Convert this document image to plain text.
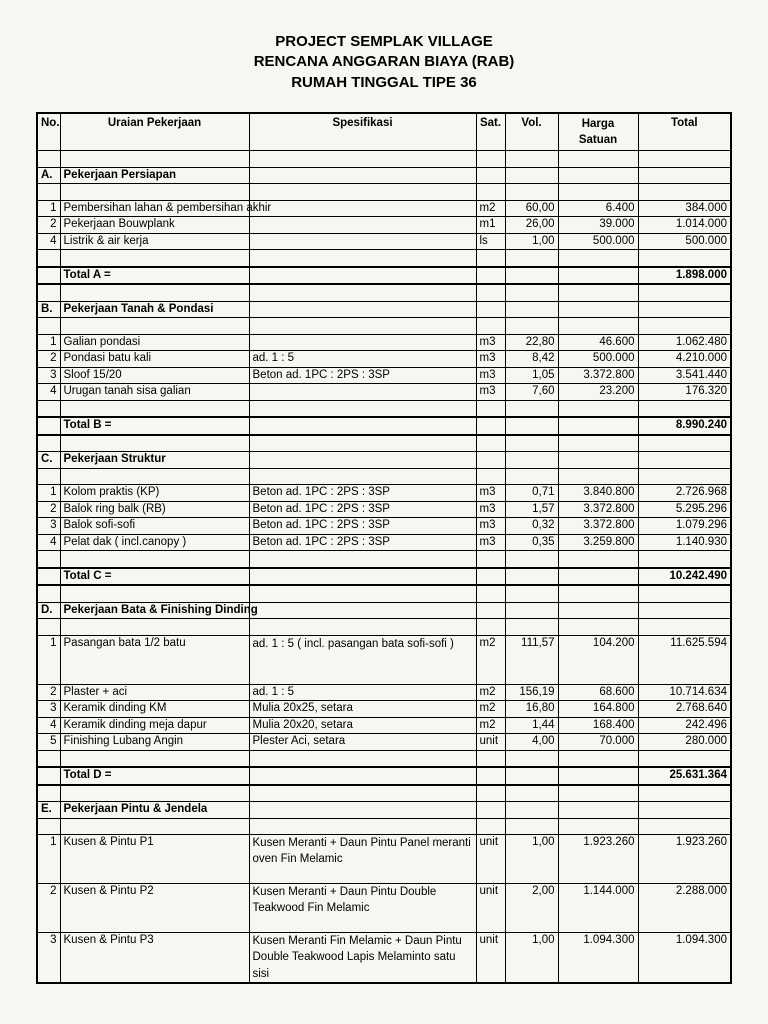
PROJECT SEMPLAK VILLAGE
RENCANA ANGGARAN BIAYA (RAB)
RUMAH TINGGAL TIPE 36
No.	Uraian Pekerjaan	Spesifikasi	Sat.	Vol.	Harga Satuan	Total

A.	Pekerjaan Persiapan					

1	Pembersihan lahan & pembersihan akhir		m2	60,00	6.400	384.000
2	Pekerjaan Bouwplank		m1	26,00	39.000	1.014.000
4	Listrik & air kerja		ls	1,00	500.000	500.000

	Total A =					1.898.000

B.	Pekerjaan Tanah & Pondasi					

1	Galian pondasi		m3	22,80	46.600	1.062.480
2	Pondasi batu kali	ad. 1 : 5	m3	8,42	500.000	4.210.000
3	Sloof 15/20	Beton ad. 1PC : 2PS : 3SP	m3	1,05	3.372.800	3.541.440
4	Urugan tanah sisa galian		m3	7,60	23.200	176.320

	Total B =					8.990.240

C.	Pekerjaan Struktur					

1	Kolom praktis (KP)	Beton ad. 1PC : 2PS : 3SP	m3	0,71	3.840.800	2.726.968
2	Balok ring balk (RB)	Beton ad. 1PC : 2PS : 3SP	m3	1,57	3.372.800	5.295.296
3	Balok sofi-sofi	Beton ad. 1PC : 2PS : 3SP	m3	0,32	3.372.800	1.079.296
4	Pelat dak ( incl.canopy )	Beton ad. 1PC : 2PS : 3SP	m3	0,35	3.259.800	1.140.930

	Total C =					10.242.490

D.	Pekerjaan Bata & Finishing Dinding					

1	Pasangan bata 1/2 batu	ad. 1 : 5 ( incl. pasangan bata sofi-sofi )	m2	111,57	104.200	11.625.594
2	Plaster + aci	ad. 1 : 5	m2	156,19	68.600	10.714.634
3	Keramik dinding KM	Mulia 20x25, setara	m2	16,80	164.800	2.768.640
4	Keramik dinding meja dapur	Mulia 20x20, setara	m2	1,44	168.400	242.496
5	Finishing Lubang Angin	Plester Aci, setara	unit	4,00	70.000	280.000

	Total D =					25.631.364

E.	Pekerjaan Pintu & Jendela					

1	Kusen & Pintu P1	Kusen Meranti + Daun Pintu Panel meranti oven Fin Melamic	unit	1,00	1.923.260	1.923.260
2	Kusen & Pintu P2	Kusen Meranti + Daun Pintu Double Teakwood Fin Melamic	unit	2,00	1.144.000	2.288.000
3	Kusen & Pintu P3	Kusen Meranti Fin Melamic + Daun Pintu Double Teakwood Lapis Melaminto satu sisi	unit	1,00	1.094.300	1.094.300
